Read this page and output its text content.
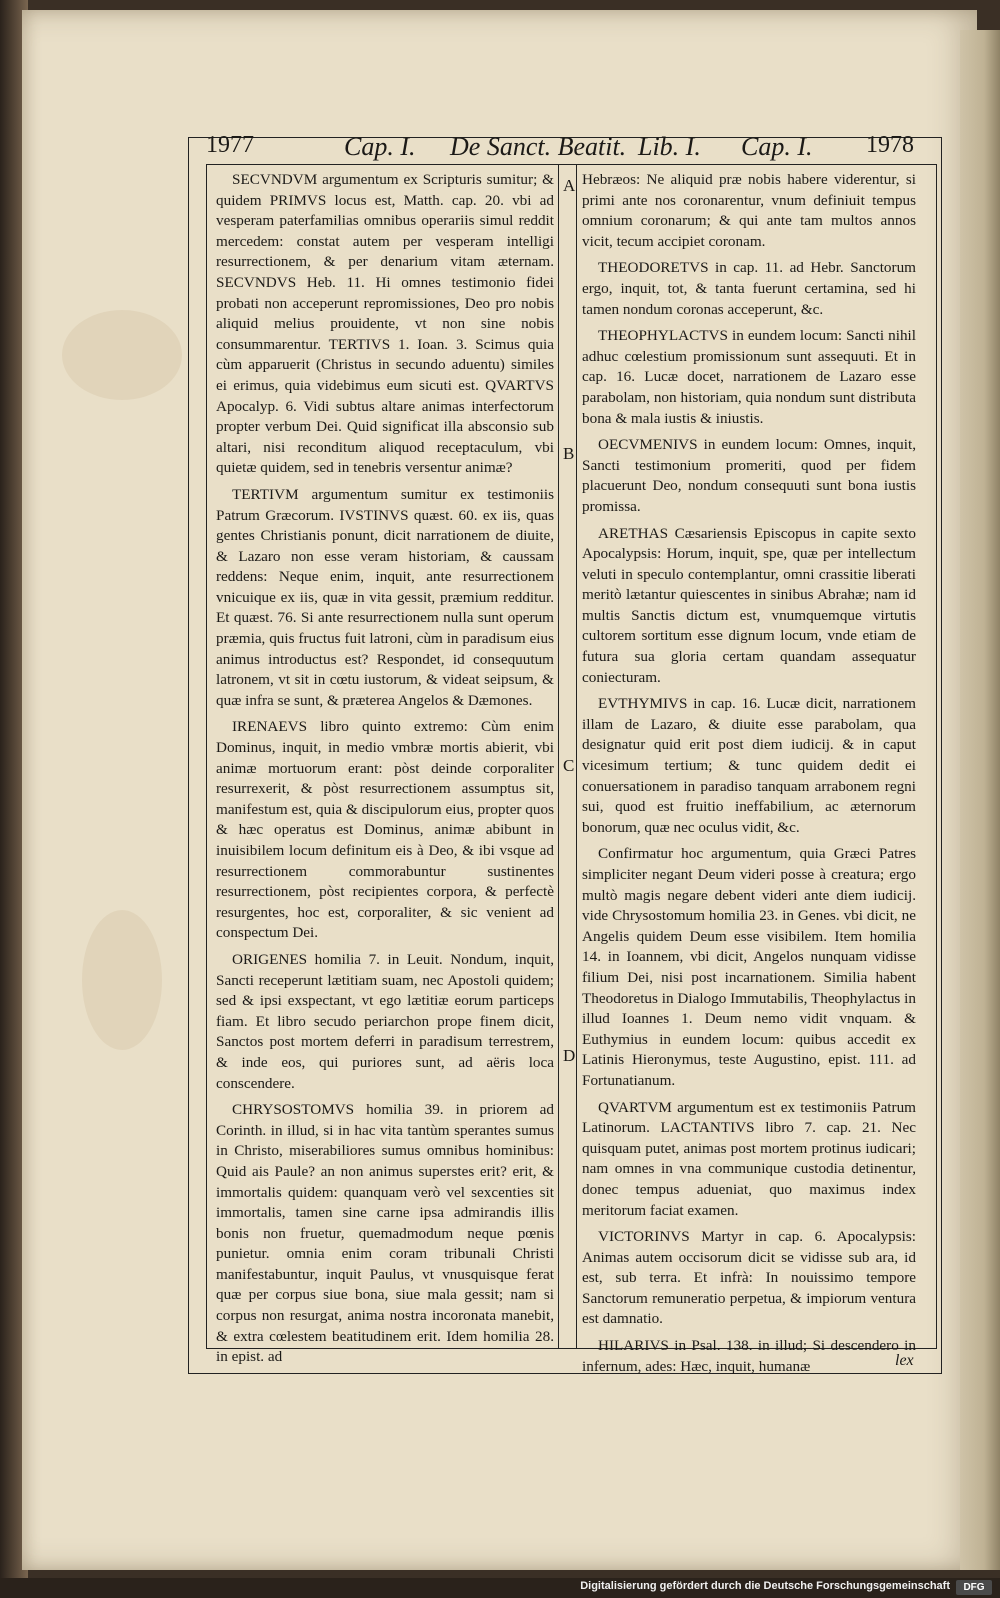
1977	Cap. I. De Sanct. Beatit. Lib. I. Cap. I. 1978
A
B
C
D

SECVNDVM argumentum ex Scripturis sumitur; & quidem PRIMVS locus est, Matth. cap. 20. vbi ad vesperam paterfamilias omnibus operariis simul reddit mercedem: constat autem per vesperam intelligi resurrectionem, & per denarium vitam æternam. SECVNDVS Heb. 11. Hi omnes testimonio fidei probati non acceperunt repromissiones, Deo pro nobis aliquid melius prouidente, vt non sine nobis consummarentur. TERTIVS 1. Ioan. 3. Scimus quia cùm apparuerit (Christus in secundo aduentu) similes ei erimus, quia videbimus eum sicuti est. QVARTVS Apocalyp. 6. Vidi subtus altare animas interfectorum propter verbum Dei. Quid significat illa absconsio sub altari, nisi reconditum aliquod receptaculum, vbi quietæ quidem, sed in tenebris versentur animæ?

TERTIVM argumentum sumitur ex testimoniis Patrum Græcorum. IVSTINVS quæst. 60. ex iis, quas gentes Christianis ponunt, dicit narrationem de diuite, & Lazaro non esse veram historiam, & caussam reddens: Neque enim, inquit, ante resurrectionem vnicuique ex iis, quæ in vita gessit, præmium redditur. Et quæst. 76. Si ante resurrectionem nulla sunt operum præmia, quis fructus fuit latroni, cùm in paradisum eius animus introductus est? Respondet, id consequutum latronem, vt sit in cœtu iustorum, & videat seipsum, & quæ infra se sunt, & præterea Angelos & Dæmones.

IRENAEVS libro quinto extremo: Cùm enim Dominus, inquit, in medio vmbræ mortis abierit, vbi animæ mortuorum erant: pòst deinde corporaliter resurrexerit, & pòst resurrectionem assumptus sit, manifestum est, quia & discipulorum eius, propter quos & hæc operatus est Dominus, animæ abibunt in inuisibilem locum definitum eis à Deo, & ibi vsque ad resurrectionem commorabuntur sustinentes resurrectionem, pòst recipientes corpora, & perfectè resurgentes, hoc est, corporaliter, & sic venient ad conspectum Dei.

ORIGENES homilia 7. in Leuit. Nondum, inquit, Sancti receperunt lætitiam suam, nec Apostoli quidem; sed & ipsi exspectant, vt ego lætitiæ eorum particeps fiam. Et libro secudo periarchon prope finem dicit, Sanctos post mortem deferri in paradisum terrestrem, & inde eos, qui puriores sunt, ad aëris loca conscendere.

CHRYSOSTOMVS homilia 39. in priorem ad Corinth. in illud, si in hac vita tantùm sperantes sumus in Christo, miserabiliores sumus omnibus hominibus: Quid ais Paule? an non animus superstes erit? erit, & immortalis quidem: quanquam verò vel sexcenties sit immortalis, tamen sine carne ipsa admirandis illis bonis non fruetur, quemadmodum neque pœnis punietur. omnia enim coram tribunali Christi manifestabuntur, inquit Paulus, vt vnusquisque ferat quæ per corpus siue bona, siue mala gessit; nam si corpus non resurgat, anima nostra incoronata manebit, & extra cœlestem beatitudinem erit. Idem homilia 28. in epist. ad

Hebræos: Ne aliquid præ nobis habere viderentur, si primi ante nos coronarentur, vnum definiuit tempus omnium coronarum; & qui ante tam multos annos vicit, tecum accipiet coronam.

THEODORETVS in cap. 11. ad Hebr. Sanctorum ergo, inquit, tot, & tanta fuerunt certamina, sed hi tamen nondum coronas acceperunt, &c.

THEOPHYLACTVS in eundem locum: Sancti nihil adhuc cœlestium promissionum sunt assequuti. Et in cap. 16. Lucæ docet, narrationem de Lazaro esse parabolam, non historiam, quia nondum sunt distributa bona & mala iustis & iniustis.

OECVMENIVS in eundem locum: Omnes, inquit, Sancti testimonium promeriti, quod per fidem placuerunt Deo, nondum consequuti sunt bona iustis promissa.

ARETHAS Cæsariensis Episcopus in capite sexto Apocalypsis: Horum, inquit, spe, quæ per intellectum veluti in speculo contemplantur, omni crassitie liberati meritò lætantur quiescentes in sinibus Abrahæ; nam id multis Sanctis dictum est, vnumquemque virtutis cultorem sortitum esse dignum locum, vnde etiam de futura sua gloria certam quandam assequatur coniecturam.

EVTHYMIVS in cap. 16. Lucæ dicit, narrationem illam de Lazaro, & diuite esse parabolam, qua designatur quid erit post diem iudicij. & in caput vicesimum tertium; & tunc quidem dedit ei conuersationem in paradiso tanquam arrabonem regni sui, quod est fruitio ineffabilium, ac æternorum bonorum, quæ nec oculus vidit, &c.

Confirmatur hoc argumentum, quia Græci Patres simpliciter negant Deum videri posse à creatura; ergo multò magis negare debent videri ante diem iudicij. vide Chrysostomum homilia 23. in Genes. vbi dicit, ne Angelis quidem Deum esse visibilem. Item homilia 14. in Ioannem, vbi dicit, Angelos nunquam vidisse filium Dei, nisi post incarnationem. Similia habent Theodoretus in Dialogo Immutabilis, Theophylactus in illud Ioannes 1. Deum nemo vidit vnquam. & Euthymius in eundem locum: quibus accedit ex Latinis Hieronymus, teste Augustino, epist. 111. ad Fortunatianum.

QVARTVM argumentum est ex testimoniis Patrum Latinorum. LACTANTIVS libro 7. cap. 21. Nec quisquam putet, animas post mortem protinus iudicari; nam omnes in vna communique custodia detinentur, donec tempus adueniat, quo maximus index meritorum faciat examen.

VICTORINVS Martyr in cap. 6. Apocalypsis: Animas autem occisorum dicit se vidisse sub ara, id est, sub terra. Et infrà: In nouissimo tempore Sanctorum remuneratio perpetua, & impiorum ventura est damnatio.

HILARIVS in Psal. 138. in illud; Si descendero in infernum, ades: Hæc, inquit, humanæ	lex
Digitalisierung gefördert durch die Deutsche Forschungsgemeinschaft	DFG
